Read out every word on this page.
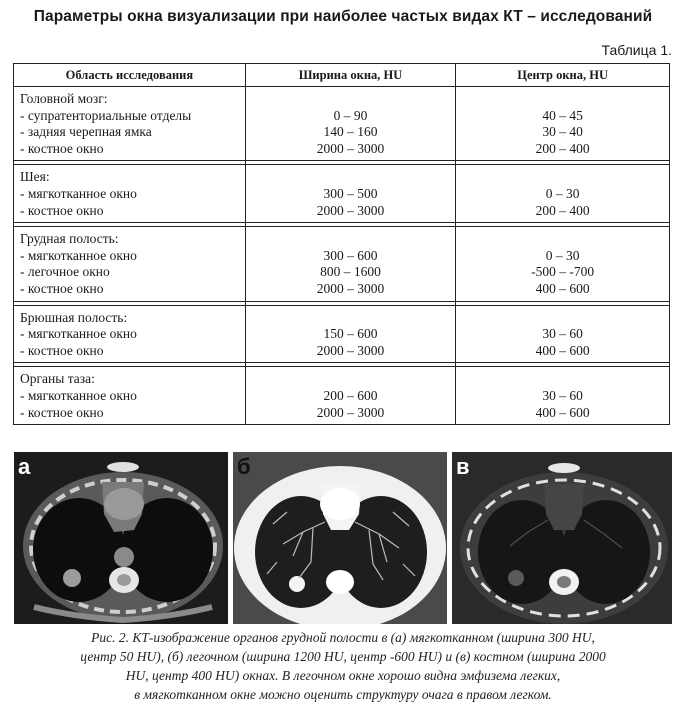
Параметры окна визуализации при наиболее частых видах КТ – исследований
Таблица 1.
Область исследования	Ширина окна, HU	Центр окна, HU

Головной мозг:
- супратенториальные отделы
- задняя черепная ямка
- костное окно	0 – 90
140 – 160
2000 – 3000	40 – 45
30 – 40
200 – 400

Шея:
- мягкотканное окно
- костное окно	300 – 500
2000 – 3000	0 – 30
200 – 400

Грудная полость:
- мягкотканное окно
- легочное окно
- костное окно	300 – 600
800 – 1600
2000 – 3000	0 – 30
-500 – -700
400 – 600

Брюшная полость:
- мягкотканное окно
- костное окно	150 – 600
2000 – 3000	30 – 60
400 – 600

Органы таза:
- мягкотканное окно
- костное окно	200 – 600
2000 – 3000	30 – 60
400 – 600
а	б	в
Рис. 2. КТ-изображение органов грудной полости в (а) мягкотканном (ширина 300 HU,
центр 50 HU), (б) легочном (ширина 1200 HU, центр -600 HU) и (в) костном (ширина 2000
HU, центр 400 HU) окнах. В легочном окне хорошо видна эмфизема легких,
в мягкотканном окне можно оценить структуру очага в правом легком.
